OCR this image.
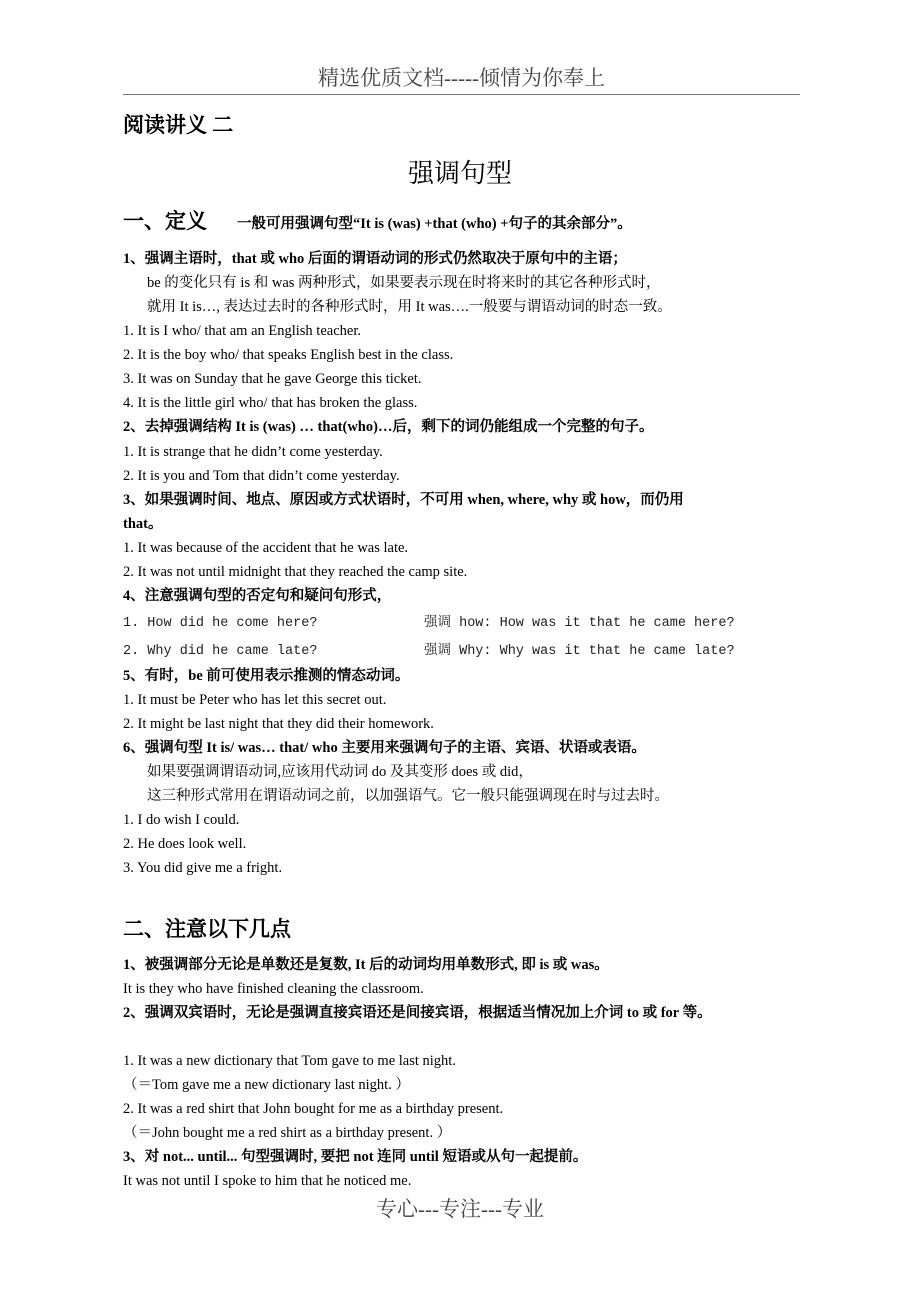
精选优质文档-----倾情为你奉上
阅读讲义 二
强调句型
一、定义 一般可用强调句型“It is (was) +that (who) +句子的其余部分”。
1、强调主语时，that 或 who 后面的谓语动词的形式仍然取决于原句中的主语；
be 的变化只有 is 和 was 两种形式，如果要表示现在时将来时的其它各种形式时，
就用 It is…, 表达过去时的各种形式时，用 It was….一般要与谓语动词的时态一致。
1. It is I who/ that am an English teacher.
2. It is the boy who/ that speaks English best in the class.
3. It was on Sunday that he gave George this ticket.
4. It is the little girl who/ that has broken the glass.
2、去掉强调结构 It is (was) … that(who)…后，剩下的词仍能组成一个完整的句子。
1. It is strange that he didn’t come yesterday.
2. It is you and Tom that didn’t come yesterday.
3、如果强调时间、地点、原因或方式状语时，不可用 when, where, why 或 how，而仍用
that。
1. It was because of the accident that he was late.
2. It was not until midnight that they reached the camp site.
4、注意强调句型的否定句和疑问句形式，
1. How did he come here?	强调 how: How was it that he came here?
2. Why did he came late?	强调 Why: Why was it that he came late?
5、有时，be 前可使用表示推测的情态动词。
1. It must be Peter who has let this secret out.
2. It might be last night that they did their homework.
6、强调句型 It is/ was… that/ who 主要用来强调句子的主语、宾语、状语或表语。
如果要强调谓语动词,应该用代动词 do 及其变形 does 或 did，
这三种形式常用在谓语动词之前，以加强语气。它一般只能强调现在时与过去时。
1. I do wish I could.
2. He does look well.
3. You did give me a fright.
二、注意以下几点
1、被强调部分无论是单数还是复数, It 后的动词均用单数形式, 即 is 或 was。
It is they who have finished cleaning the classroom.
2、强调双宾语时，无论是强调直接宾语还是间接宾语，根据适当情况加上介词 to 或 for 等。
1. It was a new dictionary that Tom gave to me last night.
（＝Tom gave me a new dictionary last night. ）
2. It was a red shirt that John bought for me as a birthday present.
（＝John bought me a red shirt as a birthday present. ）
3、对 not... until... 句型强调时, 要把 not 连同 until 短语或从句一起提前。
It was not until I spoke to him that he noticed me.
专心---专注---专业
